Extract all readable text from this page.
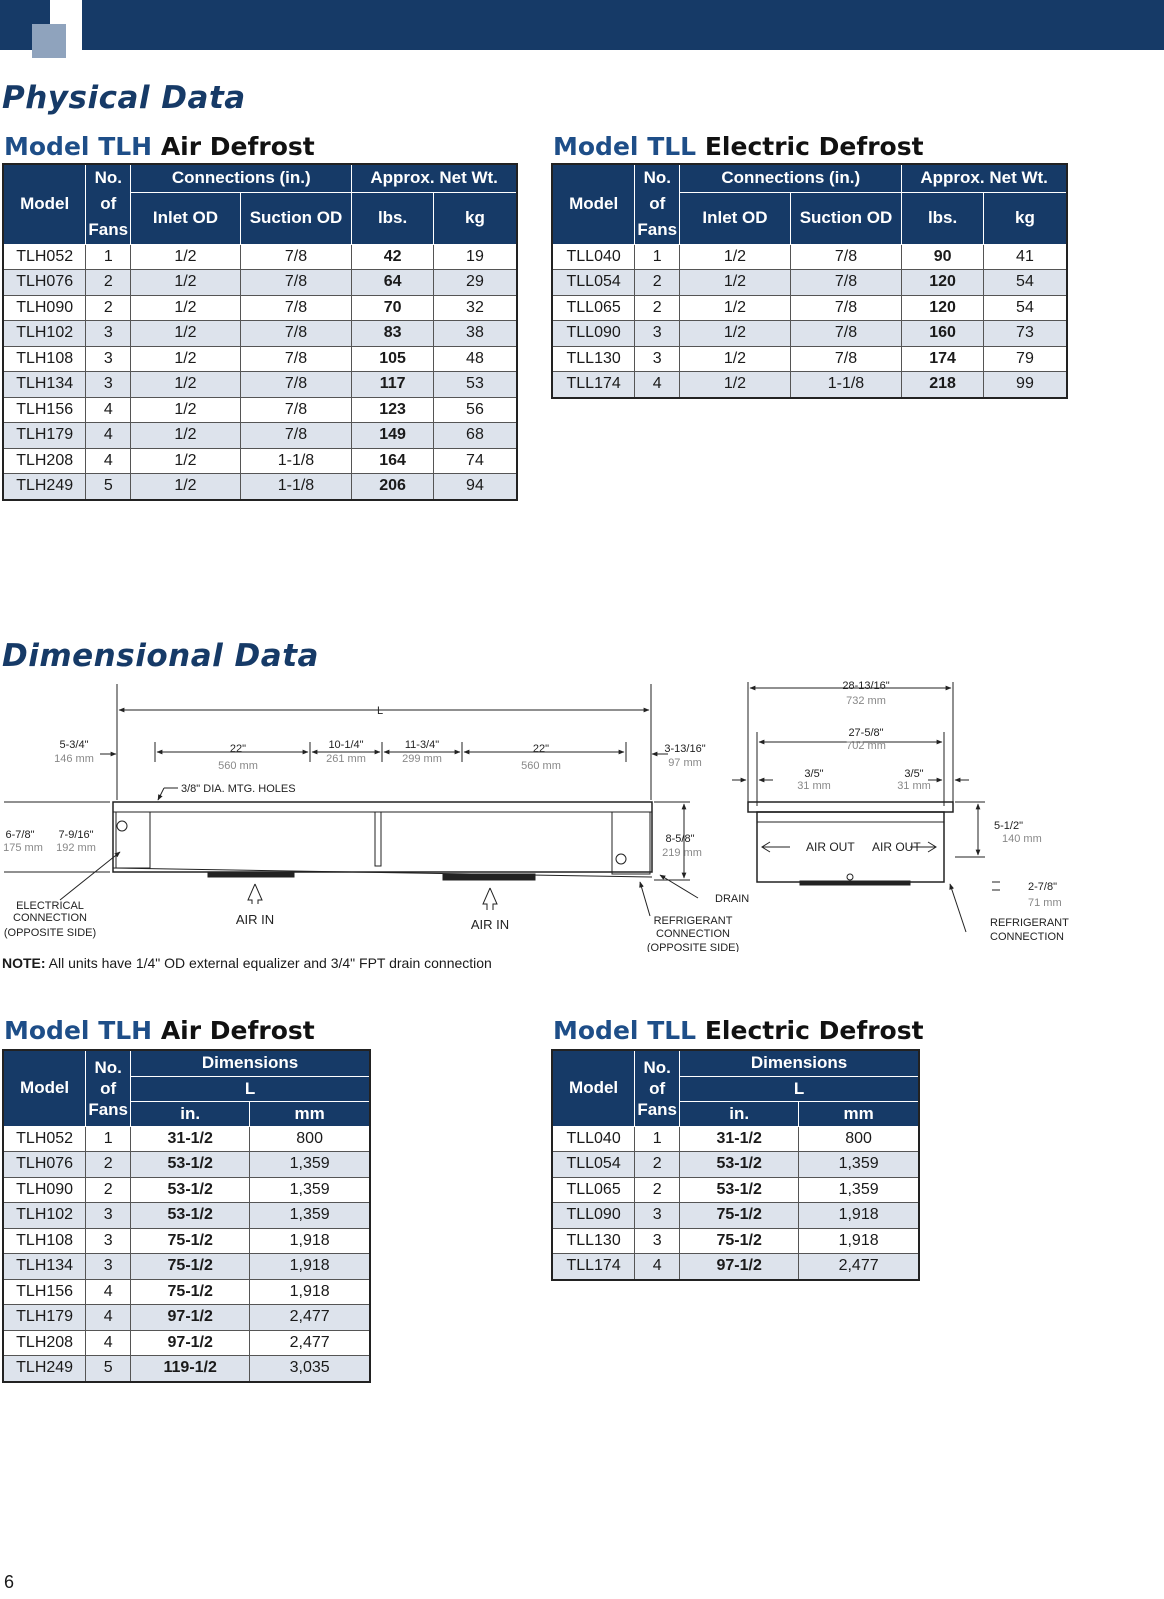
Physical Data
Model TLH Air Defrost	Model TLL Electric Defrost
Model	No.
of
Fans	Connections (in.)		Approx. Net Wt.	
		Inlet OD	Suction OD	lbs.	kg
TLH052	1	1/2	7/8	42	19
TLH076	2	1/2	7/8	64	29
TLH090	2	1/2	7/8	70	32
TLH102	3	1/2	7/8	83	38
TLH108	3	1/2	7/8	105	48
TLH134	3	1/2	7/8	117	53
TLH156	4	1/2	7/8	123	56
TLH179	4	1/2	7/8	149	68
TLH208	4	1/2	1-1/8	164	74
TLH249	5	1/2	1-1/8	206	94
Model	No.
of
Fans	Connections (in.)		Approx. Net Wt.	
		Inlet OD	Suction OD	lbs.	kg
TLL040	1	1/2	7/8	90	41
TLL054	2	1/2	7/8	120	54
TLL065	2	1/2	7/8	120	54
TLL090	3	1/2	7/8	160	73
TLL130	3	1/2	7/8	174	79
TLL174	4	1/2	1-1/8	218	99
Dimensional Data
L
5-3/4"
146 mm
22"
560 mm
10-1/4"
261 mm
11-3/4"
299 mm
22"
560 mm
3-13/16"
97 mm
3/8" DIA. MTG. HOLES
6-7/8"
175 mm
7-9/16"
192 mm
8-5/8"
219 mm
ELECTRICAL
CONNECTION
(OPPOSITE SIDE)
AIR IN	AIR IN
DRAIN
REFRIGERANT
CONNECTION
(OPPOSITE SIDE)
28-13/16"
732 mm
27-5/8"
702 mm
3/5"
31 mm
3/5"
31 mm
5-1/2"
140 mm
2-7/8"
71 mm
AIR OUT AIR OUT
REFRIGERANT
CONNECTION
NOTE: All units have 1/4" OD external equalizer and 3/4" FPT drain connection
Model TLH Air Defrost	Model TLL Electric Defrost
Model	No.
of
Fans	Dimensions	
		L	
		in.	mm
TLH052	1	31-1/2	800
TLH076	2	53-1/2	1,359
TLH090	2	53-1/2	1,359
TLH102	3	53-1/2	1,359
TLH108	3	75-1/2	1,918
TLH134	3	75-1/2	1,918
TLH156	4	75-1/2	1,918
TLH179	4	97-1/2	2,477
TLH208	4	97-1/2	2,477
TLH249	5	119-1/2	3,035
Model	No.
of
Fans	Dimensions	
		L	
		in.	mm
TLL040	1	31-1/2	800
TLL054	2	53-1/2	1,359
TLL065	2	53-1/2	1,359
TLL090	3	75-1/2	1,918
TLL130	3	75-1/2	1,918
TLL174	4	97-1/2	2,477
6
